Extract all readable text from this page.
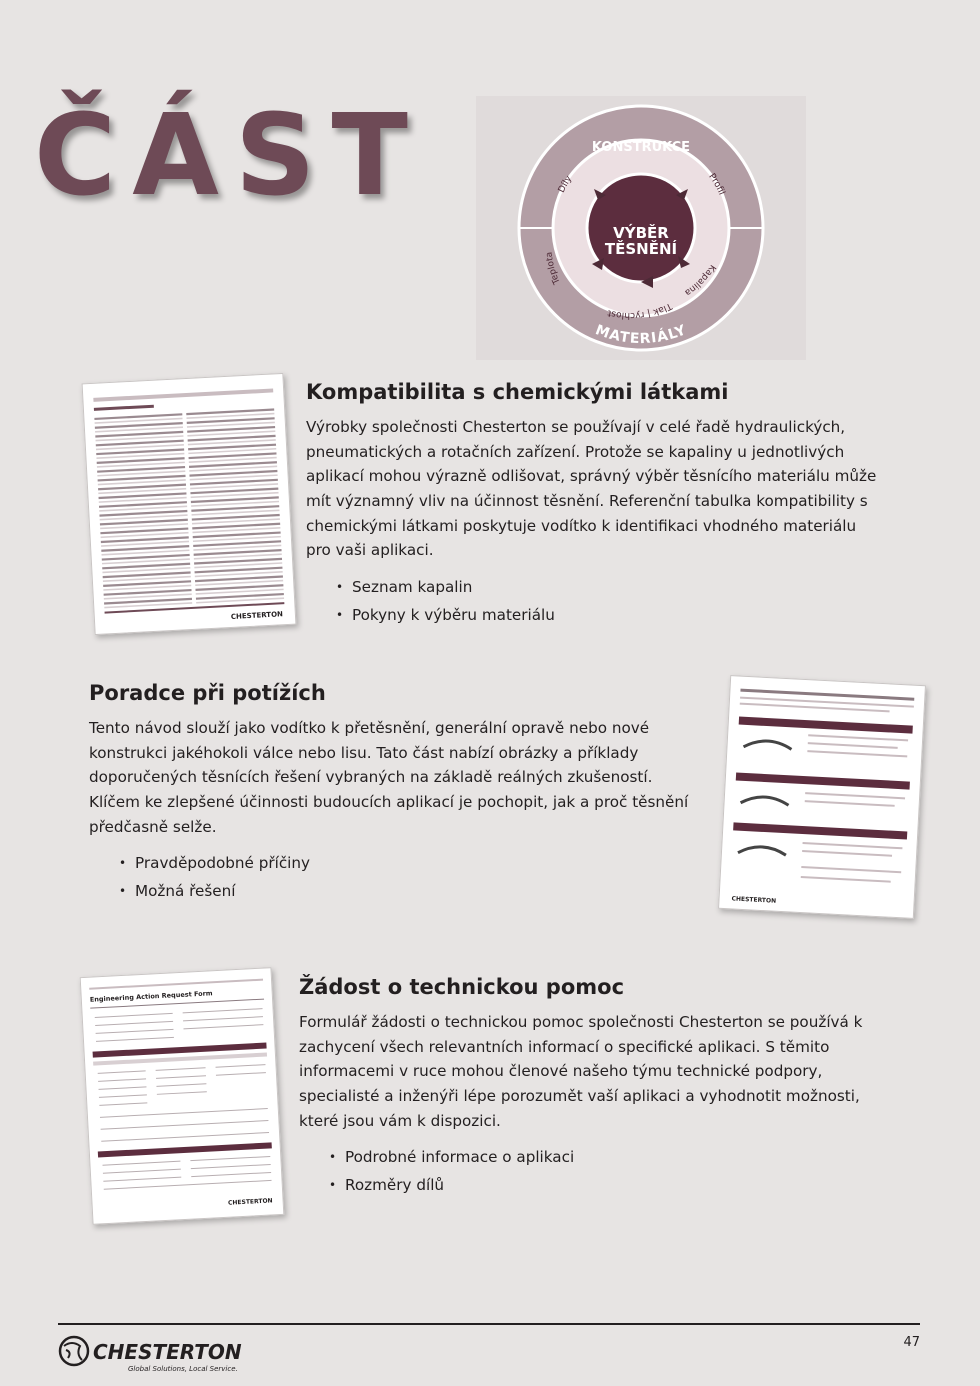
ČÁST	KONSTRUKCE
MATERIÁLY
Díly	Profil
Kapalina
Tlak | rychlost
Teplota
VÝBĚR
TĚSNĚNÍ
CHESTERTON
Kompatibilita s chemickými látkami

Výrobky společnosti Chesterton se používají v celé řadě hydraulických, pneumatických a rotačních zařízení. Protože se kapaliny u jednotlivých aplikací mohou výrazně odlišovat, správný výběr těsnícího materiálu může mít významný vliv na účinnost těsnění. Referenční tabulka kompatibility s chemickými látkami poskytuje vodítko k identifikaci vhodného materiálu pro vaši aplikaci.

• Seznam kapalin
• Pokyny k výběru materiálu
Poradce při potížích

Tento návod slouží jako vodítko k přetěsnění, generální opravě nebo nové konstrukci jakéhokoli válce nebo lisu. Tato část nabízí obrázky a příklady doporučených těsnících řešení vybraných na základě reálných zkušeností. Klíčem ke zlepšené účinnosti budoucích aplikací je pochopit, jak a proč těsnění předčasně selže.

• Pravděpodobné příčiny
• Možná řešení	CHESTERTON
Engineering Action Request Form
CHESTERTON
Žádost o technickou pomoc

Formulář žádosti o technickou pomoc společnosti Chesterton se používá k zachycení všech relevantních informací o specifické aplikaci. S těmito informacemi v ruce mohou členové našeho týmu technické podpory, specialisté a inženýři lépe porozumět vaší aplikaci a vyhodnotit možnosti, které jsou vám k dispozici.

• Podrobné informace o aplikaci
• Rozměry dílů
CHESTERTON
Global Solutions, Local Service.
47
